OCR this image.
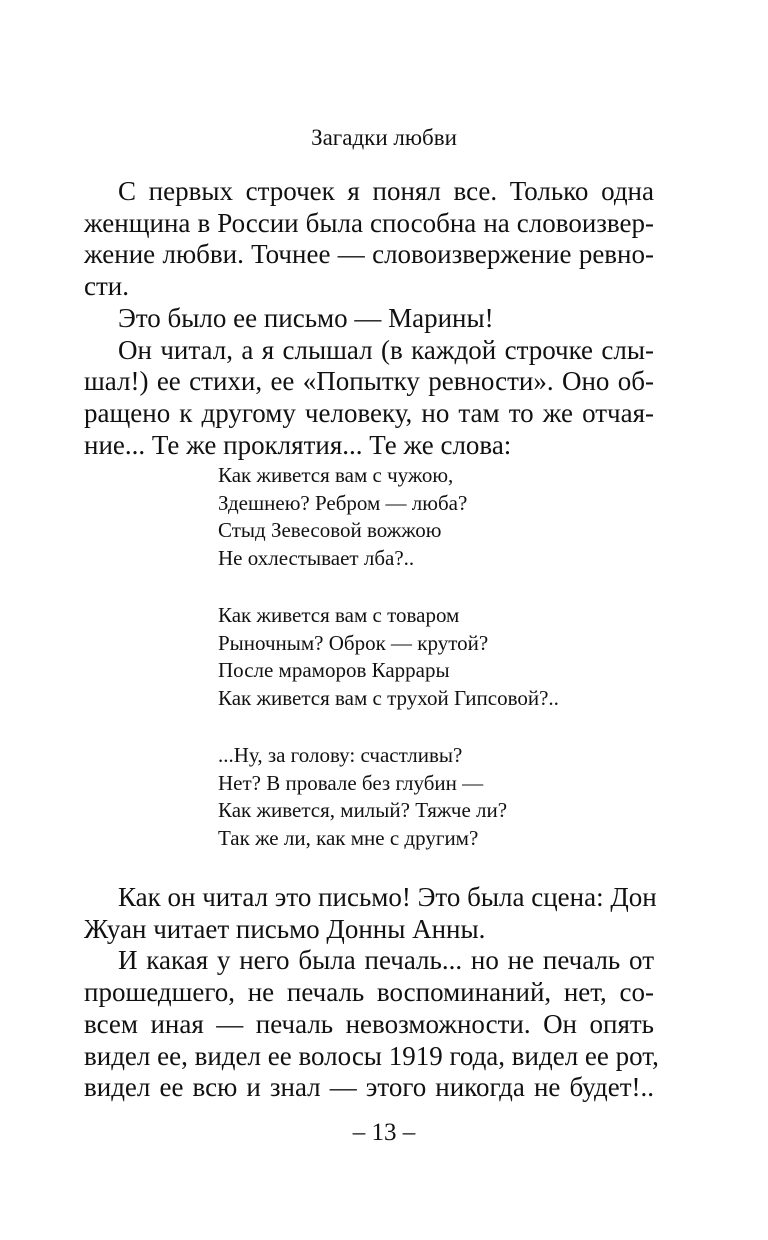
Загадки любви
С первых строчек я понял все. Только одна
женщина в России была способна на словоизвер-
жение любви. Точнее — словоизвержение ревно-
сти.
Это было ее письмо — Марины!
Он читал, а я слышал (в каждой строчке слы-
шал!) ее стихи, ее «Попытку ревности». Оно об-
ращено к другому человеку, но там то же отчая-
ние... Те же проклятия... Те же слова:
Как живется вам с чужою,
Здешнею? Ребром — люба?
Стыд Зевесовой вожжою
Не охлестывает лба?..
Как живется вам с товаром
Рыночным? Оброк — крутой?
После мраморов Каррары
Как живется вам с трухой Гипсовой?..
...Ну, за голову: счастливы?
Нет? В провале без глубин —
Как живется, милый? Тяжче ли?
Так же ли, как мне с другим?
Как он читал это письмо! Это была сцена: Дон
Жуан читает письмо Донны Анны.
И какая у него была печаль... но не печаль от
прошедшего, не печаль воспоминаний, нет, со-
всем иная — печаль невозможности. Он опять
видел ее, видел ее волосы 1919 года, видел ее рот,
видел ее всю и знал — этого никогда не будет!..
– 13 –
